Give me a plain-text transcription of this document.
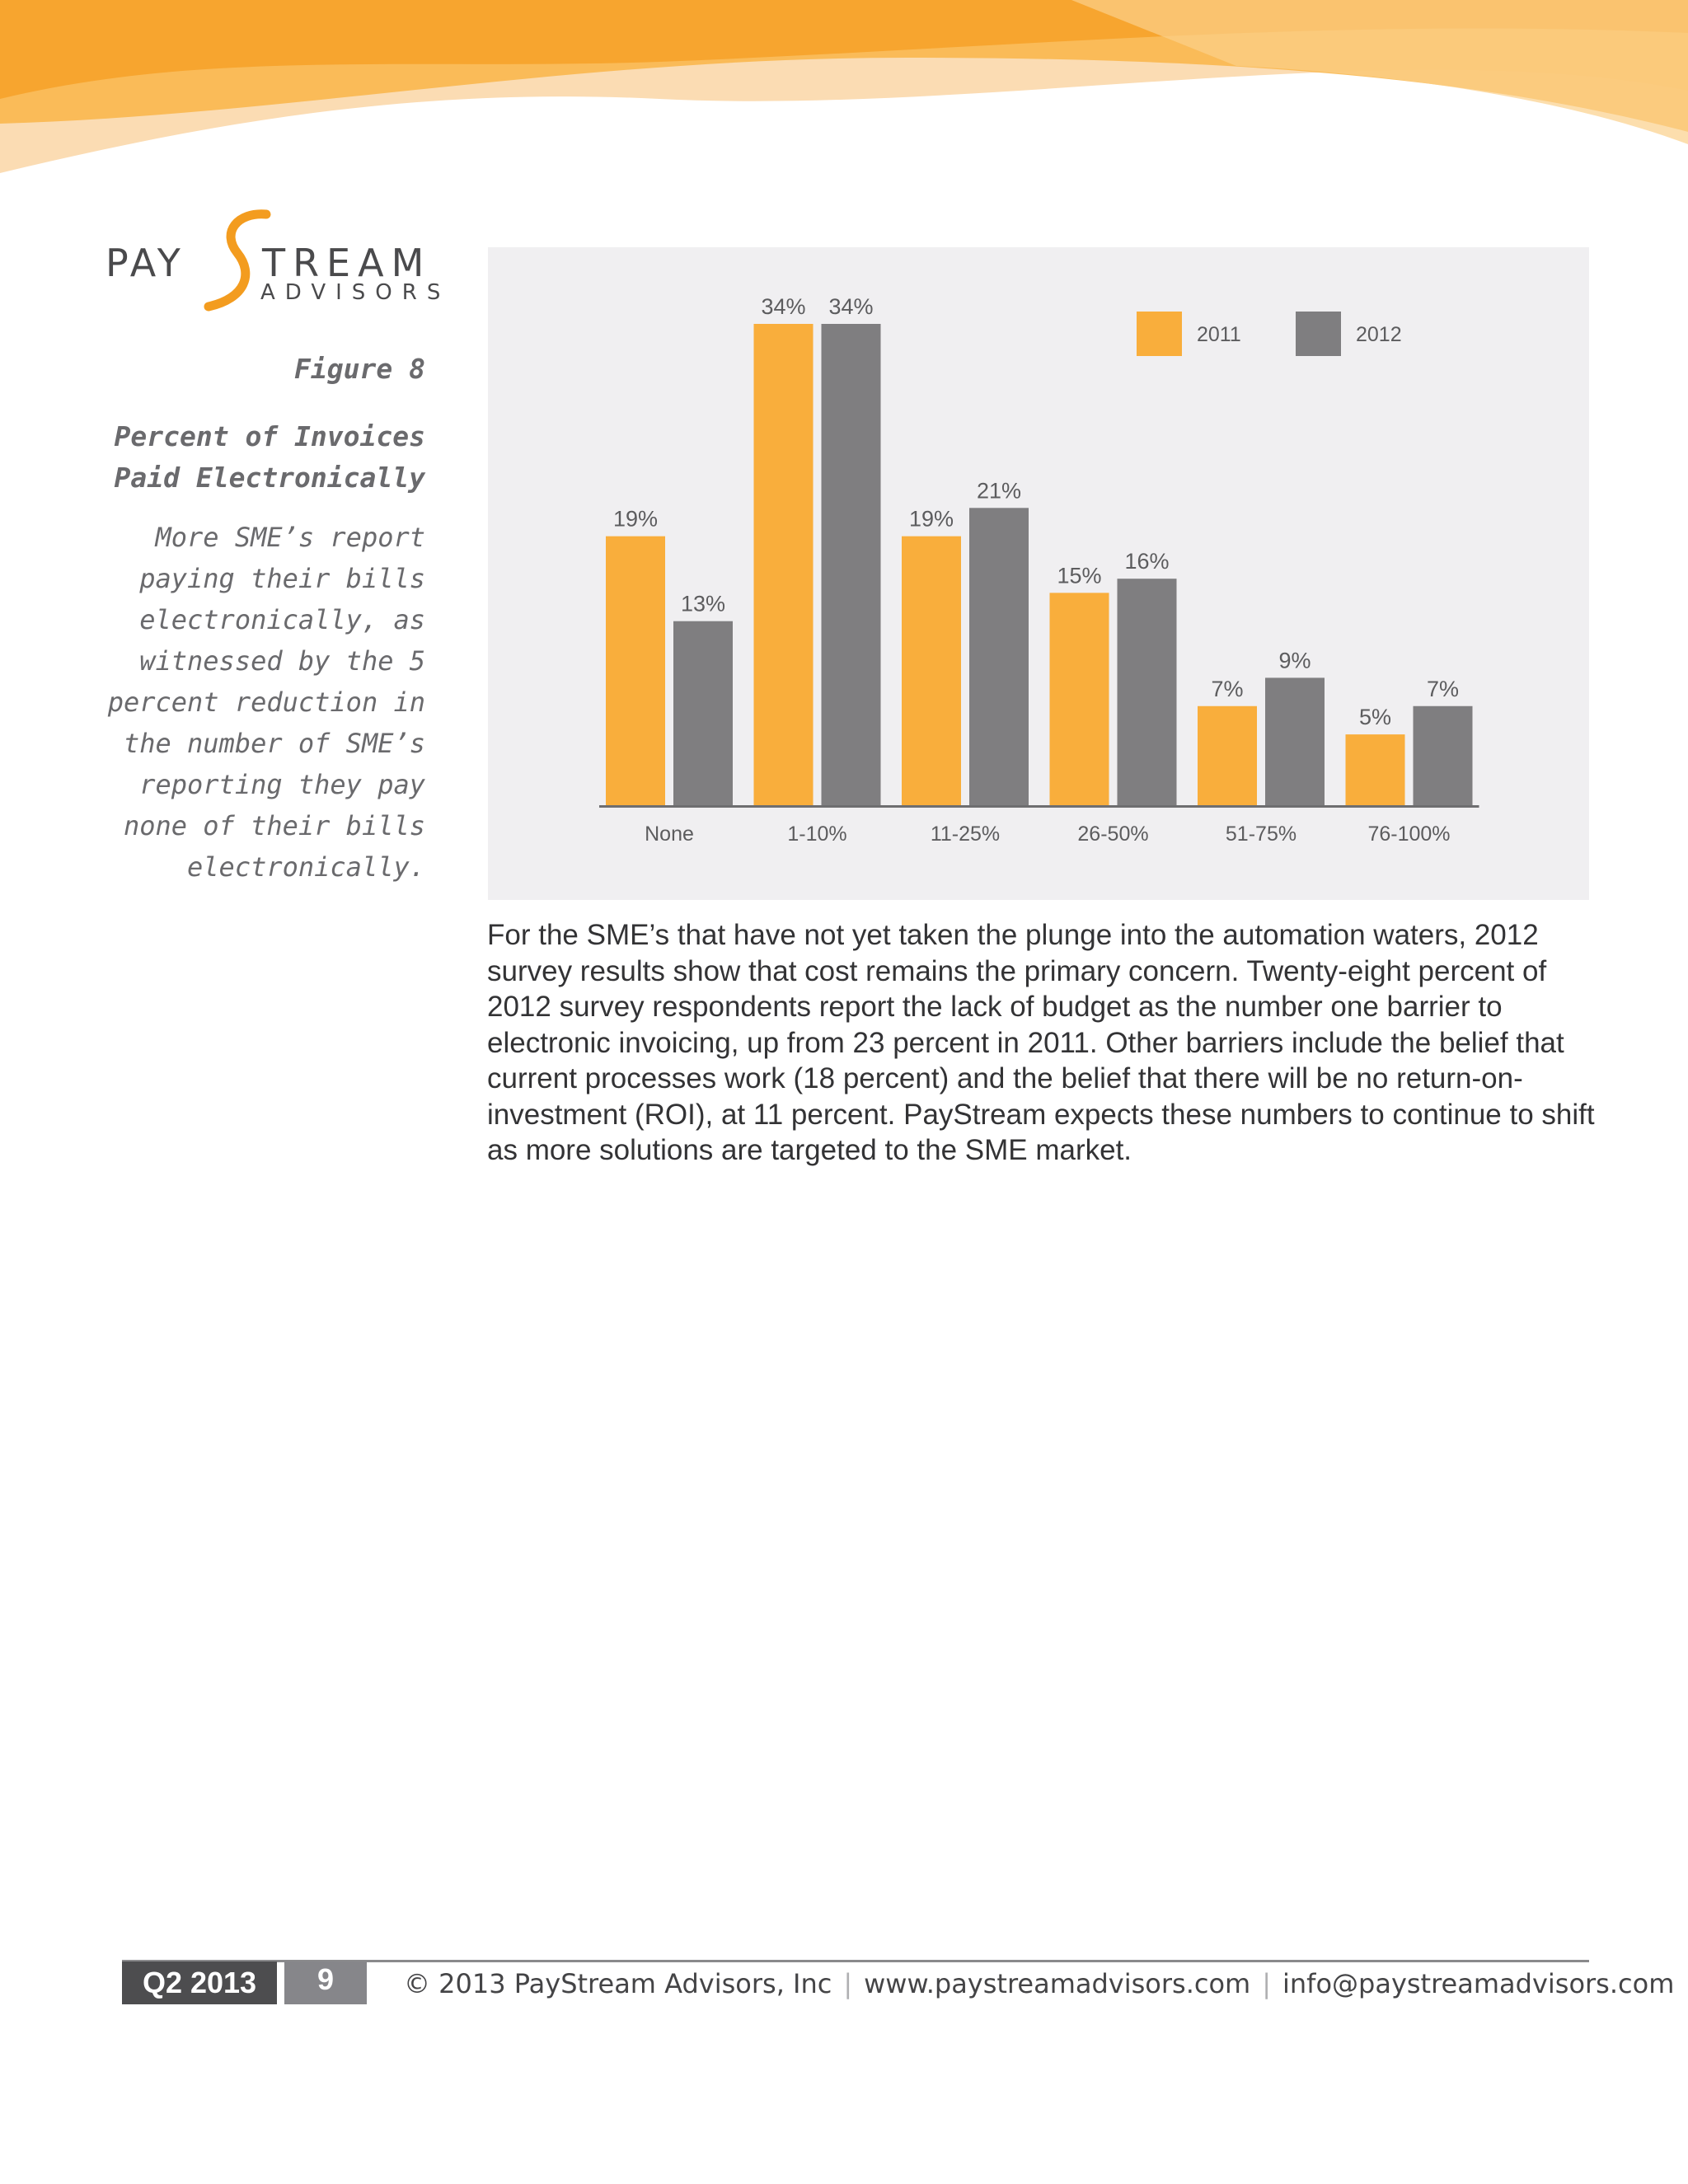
PAY TREAM
ADVISORS
Figure 8
Percent of Invoices Paid Electronically
More SME’s report paying their bills electronically, as witnessed by the 5 percent reduction in the number of SME’s reporting they pay none of their bills electronically.
19%
13%
34% 34%
19%
21%
15%
16%
7%
9%
5%
7%
None	1-10%	11-25%	26-50%	51-75%	76-100%
2011	2012
For the SME’s that have not yet taken the plunge into the automation waters, 2012 survey results show that cost remains the primary concern. Twenty-eight percent of 2012 survey respondents report the lack of budget as the number one barrier to electronic invoicing, up from 23 percent in 2011. Other barriers include the belief that current processes work (18 percent) and the belief that there will be no return-on-investment (ROI), at 11 percent. PayStream expects these numbers to continue to shift as more solutions are targeted to the SME market.
Q2 2013	9	© 2013 PayStream Advisors, Inc | www.paystreamadvisors.com | info@paystreamadvisors.com
